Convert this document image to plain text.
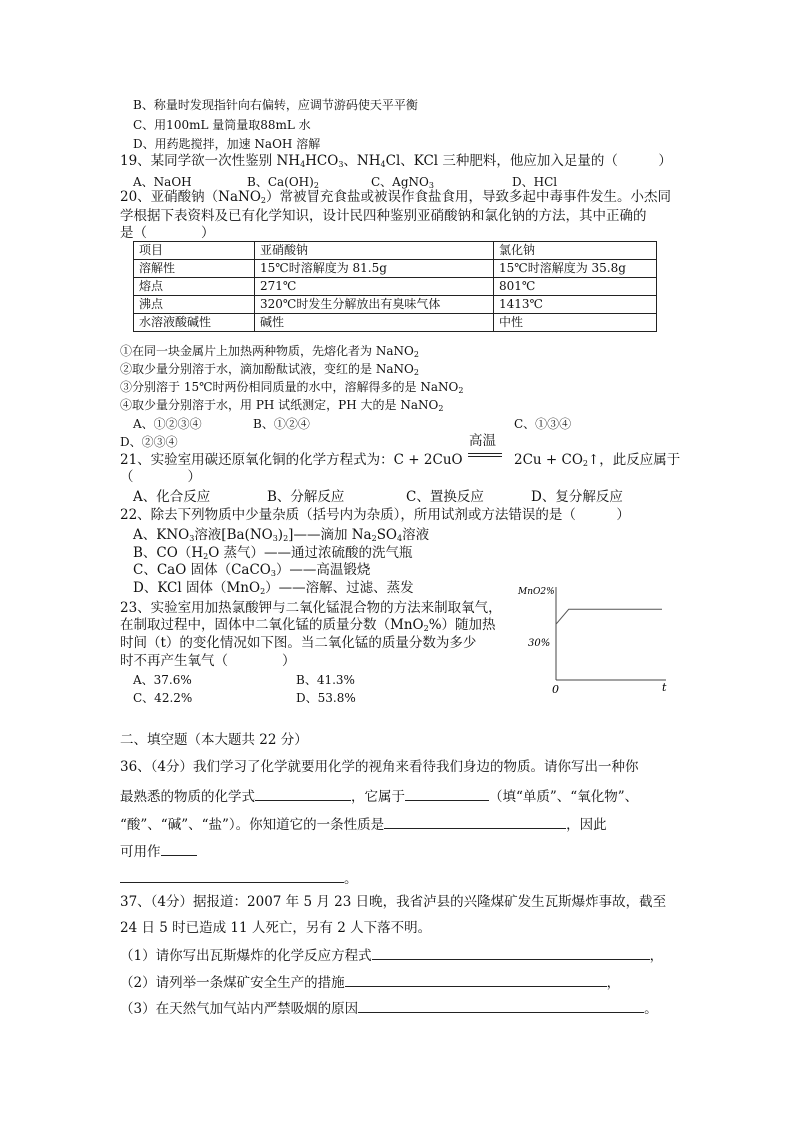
B、称量时发现指针向右偏转，应调节游码使天平平衡
C、用100mL 量筒量取88mL 水
D、用药匙搅拌，加速 NaOH 溶解
19、某同学欲一次性鉴别 $NH_4HCO_3$、$NH_4Cl$、KCl 三种肥料，他应加入足量的（　　　）
A、NaOH	B、$Ca(OH)_2$	C、AgNO$_3$	D、HCl
20、亚硝酸钠（NaNO$_2$）常被冒充食盐或被误作食盐食用，导致多起中毒事件发生。小杰同
学根据下表资料及已有化学知识，设计民四种鉴别亚硝酸钠和氯化钠的方法，其中正确的
是（　　　　）
项目	亚硝酸钠	氯化钠
溶解性	15℃时溶解度为 81.5g	15℃时溶解度为 35.8g
熔点	271℃	801℃
沸点	320℃时发生分解放出有臭味气体	1413℃
水溶液酸碱性	碱性	中性
①在同一块金属片上加热两种物质，先熔化者为 NaNO$_2$
②取少量分别溶于水，滴加酚酞试液，变红的是 NaNO$_2$
③分别溶于 15℃时两份相同质量的水中，溶解得多的是 NaNO$_2$
④取少量分别溶于水，用 PH 试纸测定，PH 大的是 NaNO$_2$
A、①②③④	B、①②④	C、①③④
D、②③④	高温
21、实验室用碳还原氧化铜的化学方程式为：C + 2CuO	$2Cu + CO_2↑$，此反应属于
（　　　　）
A、化合反应	B、分解反应	C、置换反应	D、复分解反应
22、除去下列物质中少量杂质（括号内为杂质），所用试剂或方法错误的是（　　　）
A、$KNO_3$溶液$[Ba(NO_3)_2]——$滴加 $Na_2SO_4$溶液
B、$CO(H_2O$ 蒸气）——通过浓硫酸的洗气瓶
C、CaO 固体（CaCO$_3$）——高温锻烧
D、KCl 固体（MnO$_2$）——溶解、过滤、蒸发
23、实验室用加热氯酸钾与二氧化锰混合物的方法来制取氧气，
在制取过程中，固体中二氧化锰的质量分数（MnO$_2$%）随加热
时间（t）的变化情况如下图。当二氧化锰的质量分数为多少
时不再产生氧气（　　　　）
A、37.6%	B、41.3%
C、42.2%	D、53.8%
MnO2%
30%
0	t
二、填空题（本大题共 22 分）
36、（4分）我们学习了化学就要用化学的视角来看待我们身边的物质。请你写出一种你
最熟悉的物质的化学式	，它属于	（填“单质”、“氧化物”、
“酸”、“碱”、“盐”）。你知道它的一条性质是	，因此
可用作
。
37、（4分）据报道：2007 年 5 月 23 日晚，我省泸县的兴隆煤矿发生瓦斯爆炸事故，截至
24 日 5 时已造成 11 人死亡，另有 2 人下落不明。
（1）请你写出瓦斯爆炸的化学反应方程式	，
（2）请列举一条煤矿安全生产的措施	，
（3）在天然气加气站内严禁吸烟的原因	。
